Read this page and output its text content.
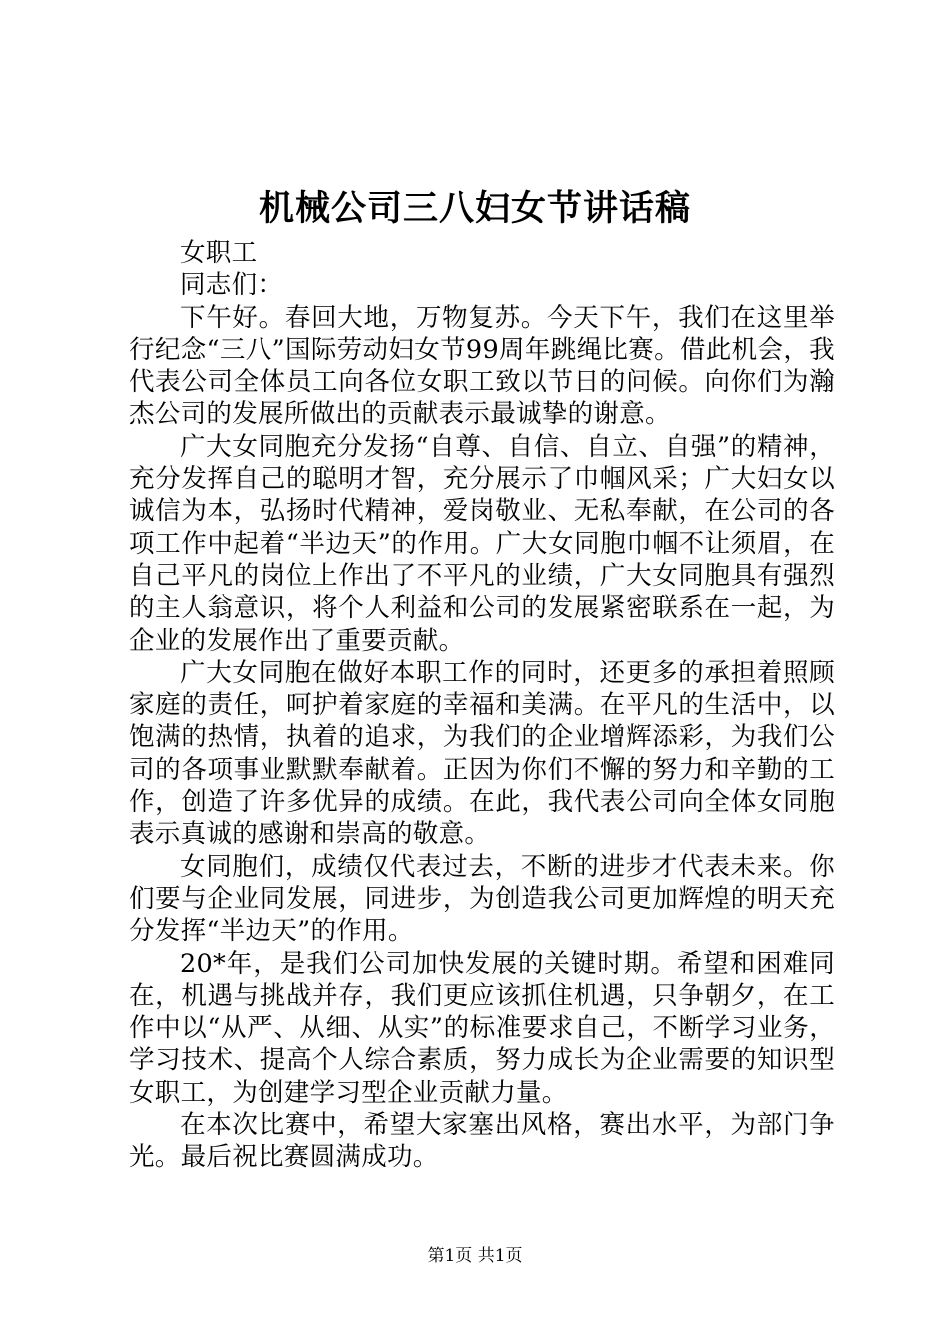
机械公司三八妇女节讲话稿

女职工

同志们：

下午好。春回大地，万物复苏。今天下午，我们在这里举行纪念“三八”国际劳动妇女节99周年跳绳比赛。借此机会，我代表公司全体员工向各位女职工致以节日的问候。向你们为瀚杰公司的发展所做出的贡献表示最诚挚的谢意。

广大女同胞充分发扬“自尊、自信、自立、自强”的精神，充分发挥自己的聪明才智，充分展示了巾帼风采；广大妇女以诚信为本，弘扬时代精神，爱岗敬业、无私奉献，在公司的各项工作中起着“半边天”的作用。广大女同胞巾帼不让须眉，在自己平凡的岗位上作出了不平凡的业绩，广大女同胞具有强烈的主人翁意识，将个人利益和公司的发展紧密联系在一起，为企业的发展作出了重要贡献。

广大女同胞在做好本职工作的同时，还更多的承担着照顾家庭的责任，呵护着家庭的幸福和美满。在平凡的生活中，以饱满的热情，执着的追求，为我们的企业增辉添彩，为我们公司的各项事业默默奉献着。正因为你们不懈的努力和辛勤的工作，创造了许多优异的成绩。在此，我代表公司向全体女同胞表示真诚的感谢和崇高的敬意。

女同胞们，成绩仅代表过去，不断的进步才代表未来。你们要与企业同发展，同进步，为创造我公司更加辉煌的明天充分发挥“半边天”的作用。

20*年，是我们公司加快发展的关键时期。希望和困难同在，机遇与挑战并存，我们更应该抓住机遇，只争朝夕，在工作中以“从严、从细、从实”的标准要求自己，不断学习业务，学习技术、提高个人综合素质，努力成长为企业需要的知识型女职工，为创建学习型企业贡献力量。

在本次比赛中，希望大家塞出风格，赛出水平，为部门争光。最后祝比赛圆满成功。

第1页 共1页
